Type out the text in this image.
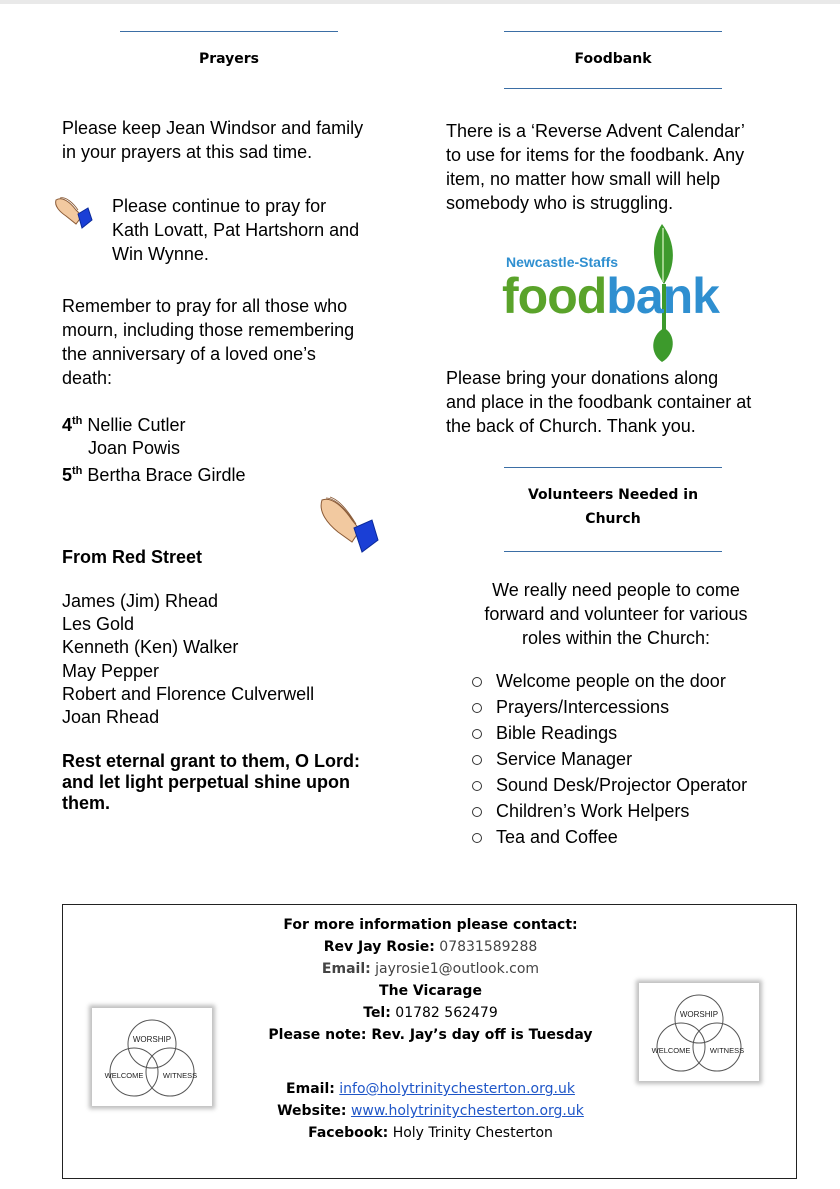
Prayers

Please keep Jean Windsor and family
in your prayers at this sad time.

Please continue to pray for
Kath Lovatt, Pat Hartshorn and
Win Wynne.

Remember to pray for all those who
mourn, including those remembering
the anniversary of a loved one’s
death:

4th Nellie Cutler
Joan Powis
5th Bertha Brace Girdle
From Red Street
James (Jim) Rhead
Les Gold
Kenneth (Ken) Walker
May Pepper
Robert and Florence Culverwell
Joan Rhead

Rest eternal grant to them, O Lord:
and let light perpetual shine upon
them.

Foodbank

There is a ‘Reverse Advent Calendar’
to use for items for the foodbank. Any
item, no matter how small will help
somebody who is struggling.

Newcastle-Staffs
foodbank

Please bring your donations along
and place in the foodbank container at
the back of Church. Thank you.

Volunteers Needed in
Church

We really need people to come
forward and volunteer for various
roles within the Church:

Welcome people on the door
Prayers/Intercessions
Bible Readings
Service Manager
Sound Desk/Projector Operator
Children’s Work Helpers
Tea and Coffee
WORSHIP
WELCOME	WITNESS
WORSHIP
WELCOME	WITNESS
For more information please contact:
Rev Jay Rosie: 07831589288
Email: jayrosie1@outlook.com
The Vicarage
Tel: 01782 562479
Please note: Rev. Jay’s day off is Tuesday
Email: info@holytrinitychesterton.org.uk
Website: www.holytrinitychesterton.org.uk
Facebook: Holy Trinity Chesterton
